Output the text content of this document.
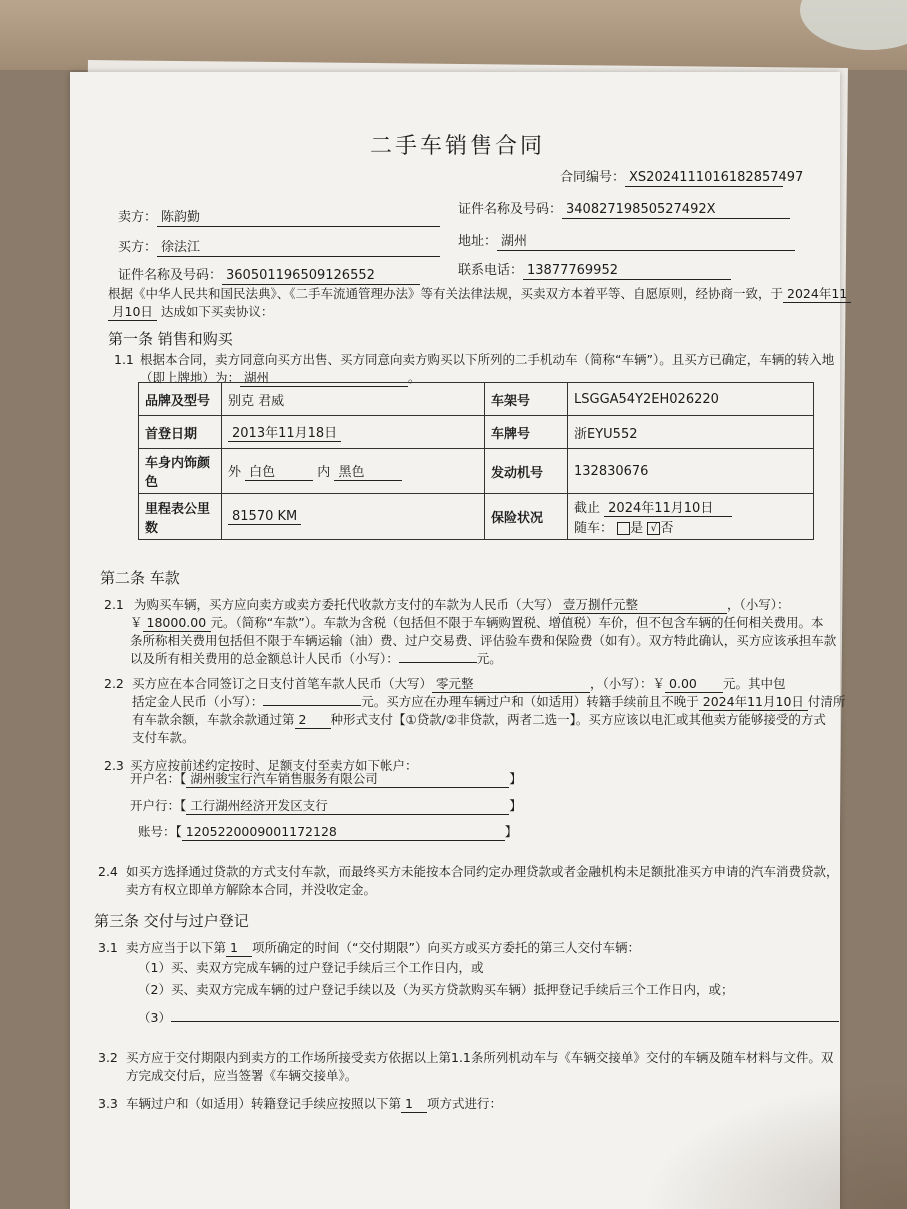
二手车销售合同
合同编号： XS2024111016182857497
卖方： 陈韵勤
证件名称及号码： 34082719850527492X
买方： 徐法江	地址： 湖州
证件名称及号码： 360501196509126552	联系电话： 13877769952
根据《中华人民共和国民法典》、《二手车流通管理办法》等有关法律法规，买卖双方本着平等、自愿原则，经协商一致，于 2024年11
月10日 达成如下买卖协议：
第一条 销售和购买
1.1 根据本合同，卖方同意向买方出售、买方同意向卖方购买以下所列的二手机动车（简称“车辆”）。且买方已确定，车辆的转入地
（即上牌地）为： 湖州	。
品牌及型号	别克 君威	车架号	LSGGA54Y2EH026220
首登日期	2013年11月18日	车牌号	浙EYU552
车身内饰颜色	外 白色 内 黑色	发动机号	132830676
里程表公里数	81570 KM	保险状况	截止 2024年11月10日
随车： 是 √ 否
第二条 车款
2.1 为购买车辆，买方应向卖方或卖方委托代收款方支付的车款为人民币（大写） 壹万捌仟元整	，（小写）：
￥ 18000.00 元。（简称“车款”）。车款为含税（包括但不限于车辆购置税、增值税）车价，但不包含车辆的任何相关费用。本
条所称相关费用包括但不限于车辆运输（油）费、过户交易费、评估验车费和保险费（如有）。双方特此确认，买方应该承担车款
以及所有相关费用的总金额总计人民币（小写）：	元。
2.2 买方应在本合同签订之日支付首笔车款人民币（大写） 零元整	，（小写）：￥ 0.00 元。其中包
括定金人民币（小写）：	元。买方应在办理车辆过户和（如适用）转籍手续前且不晚于 2024年11月10日 付清所
有车款余额，车款余款通过第 2 种形式支付【①贷款/②非贷款，两者二选一】。买方应该以电汇或其他卖方能够接受的方式
支付车款。
2.3 买方应按前述约定按时、足额支付至卖方如下帐户：
开户名：【 湖州骏宝行汽车销售服务有限公司	】
开户行：【 工行湖州经济开发区支行	】
账号：【 1205220009001172128	】
2.4 如买方选择通过贷款的方式支付车款，而最终买方未能按本合同约定办理贷款或者金融机构未足额批准买方申请的汽车消费贷款，
卖方有权立即单方解除本合同，并没收定金。
第三条 交付与过户登记
3.1 卖方应当于以下第 1 项所确定的时间（“交付期限”）向买方或买方委托的第三人交付车辆：
（1）买、卖双方完成车辆的过户登记手续后三个工作日内，或
（2）买、卖双方完成车辆的过户登记手续以及（为买方贷款购买车辆）抵押登记手续后三个工作日内，或；
（3）
3.2 买方应于交付期限内到卖方的工作场所接受卖方依据以上第1.1条所列机动车与《车辆交接单》交付的车辆及随车材料与文件。双
方完成交付后，应当签署《车辆交接单》。
3.3 车辆过户和（如适用）转籍登记手续应按照以下第 1 项方式进行：
